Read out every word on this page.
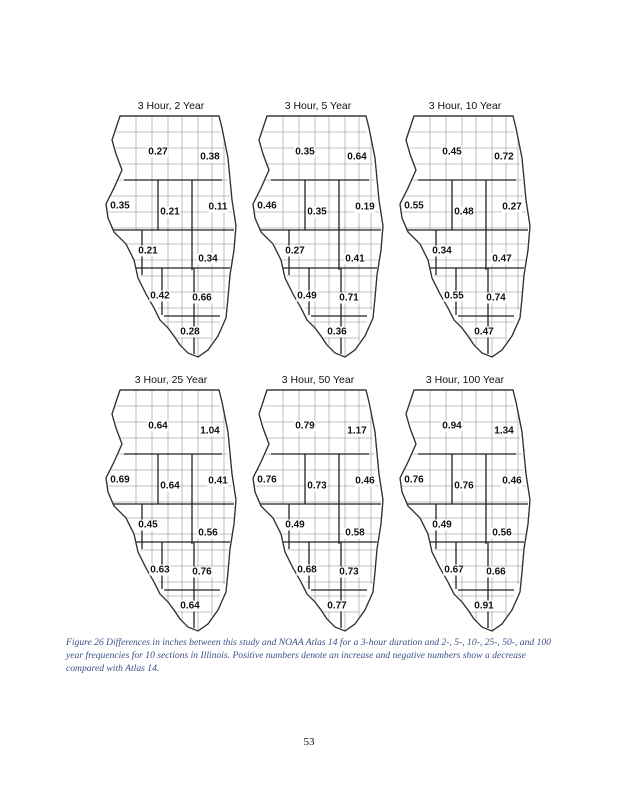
3 Hour, 2 Year
0.27	0.38
0.35
0.21	0.11
0.21
0.34
0.42 0.66
0.28
3 Hour, 5 Year
0.35	0.64
0.46
0.35	0.19
0.27
0.41
0.49 0.71
0.36
3 Hour, 10 Year
0.45	0.72
0.55
0.48	0.27
0.34
0.47
0.55 0.74
0.47
3 Hour, 25 Year
0.64	1.04
0.69
0.64	0.41
0.45
0.56
0.63 0.76
0.64
3 Hour, 50 Year
0.79	1.17
0.76
0.73	0.46
0.49
0.58
0.68 0.73
0.77
3 Hour, 100 Year
0.94	1.34
0.76
0.76	0.46
0.49
0.56
0.67 0.66
0.91
Figure 26 Differences in inches between this study and NOAA Atlas 14 for a 3-hour duration and 2-, 5-, 10-, 25-, 50-, and 100 year frequencies for 10 sections in Illinois. Positive numbers denote an increase and negative numbers show a decrease compared with Atlas 14.
53
